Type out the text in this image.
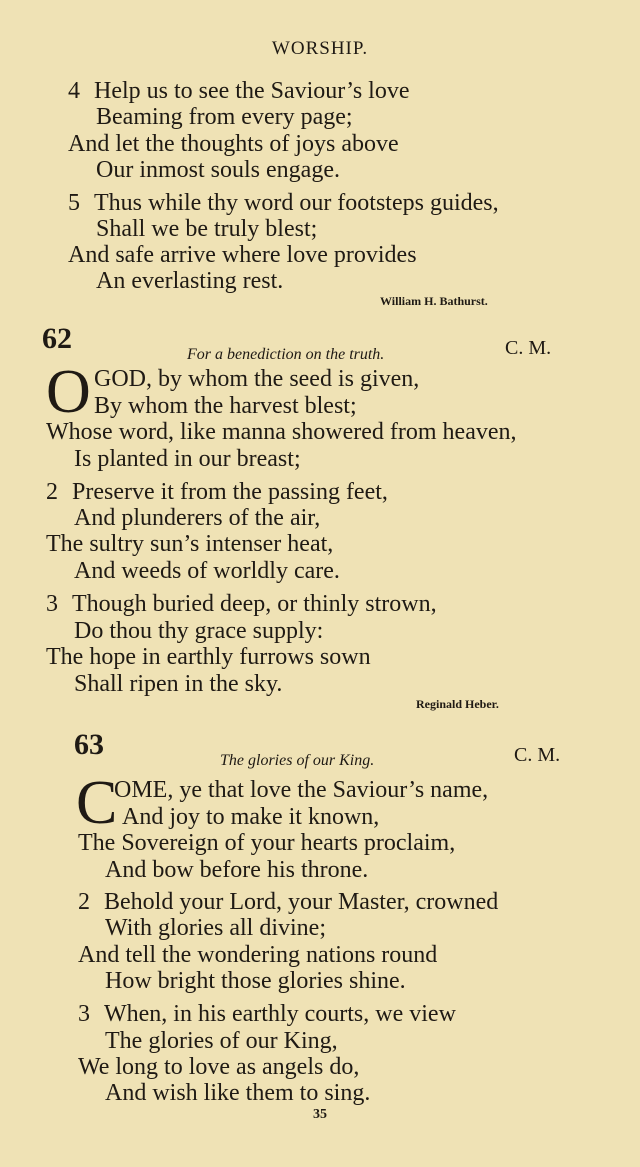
WORSHIP.
4 Help us to see the Saviour’s love
Beaming from every page;
And let the thoughts of joys above
Our inmost souls engage.
5 Thus while thy word our footsteps guides,
Shall we be truly blest;
And safe arrive where love provides
An everlasting rest.
William H. Bathurst.
62	For a benediction on the truth.	C. M.
O GOD, by whom the seed is given,
By whom the harvest blest;
Whose word, like manna showered from heaven,
Is planted in our breast;
2 Preserve it from the passing feet,
And plunderers of the air,
The sultry sun’s intenser heat,
And weeds of worldly care.
3 Though buried deep, or thinly strown,
Do thou thy grace supply:
The hope in earthly furrows sown
Shall ripen in the sky.
Reginald Heber.
63	The glories of our King.	C. M.
C
OME, ye that love the Saviour’s name,
And joy to make it known,
The Sovereign of your hearts proclaim,
And bow before his throne.
2 Behold your Lord, your Master, crowned
With glories all divine;
And tell the wondering nations round
How bright those glories shine.
3 When, in his earthly courts, we view
The glories of our King,
We long to love as angels do,
And wish like them to sing.
35
